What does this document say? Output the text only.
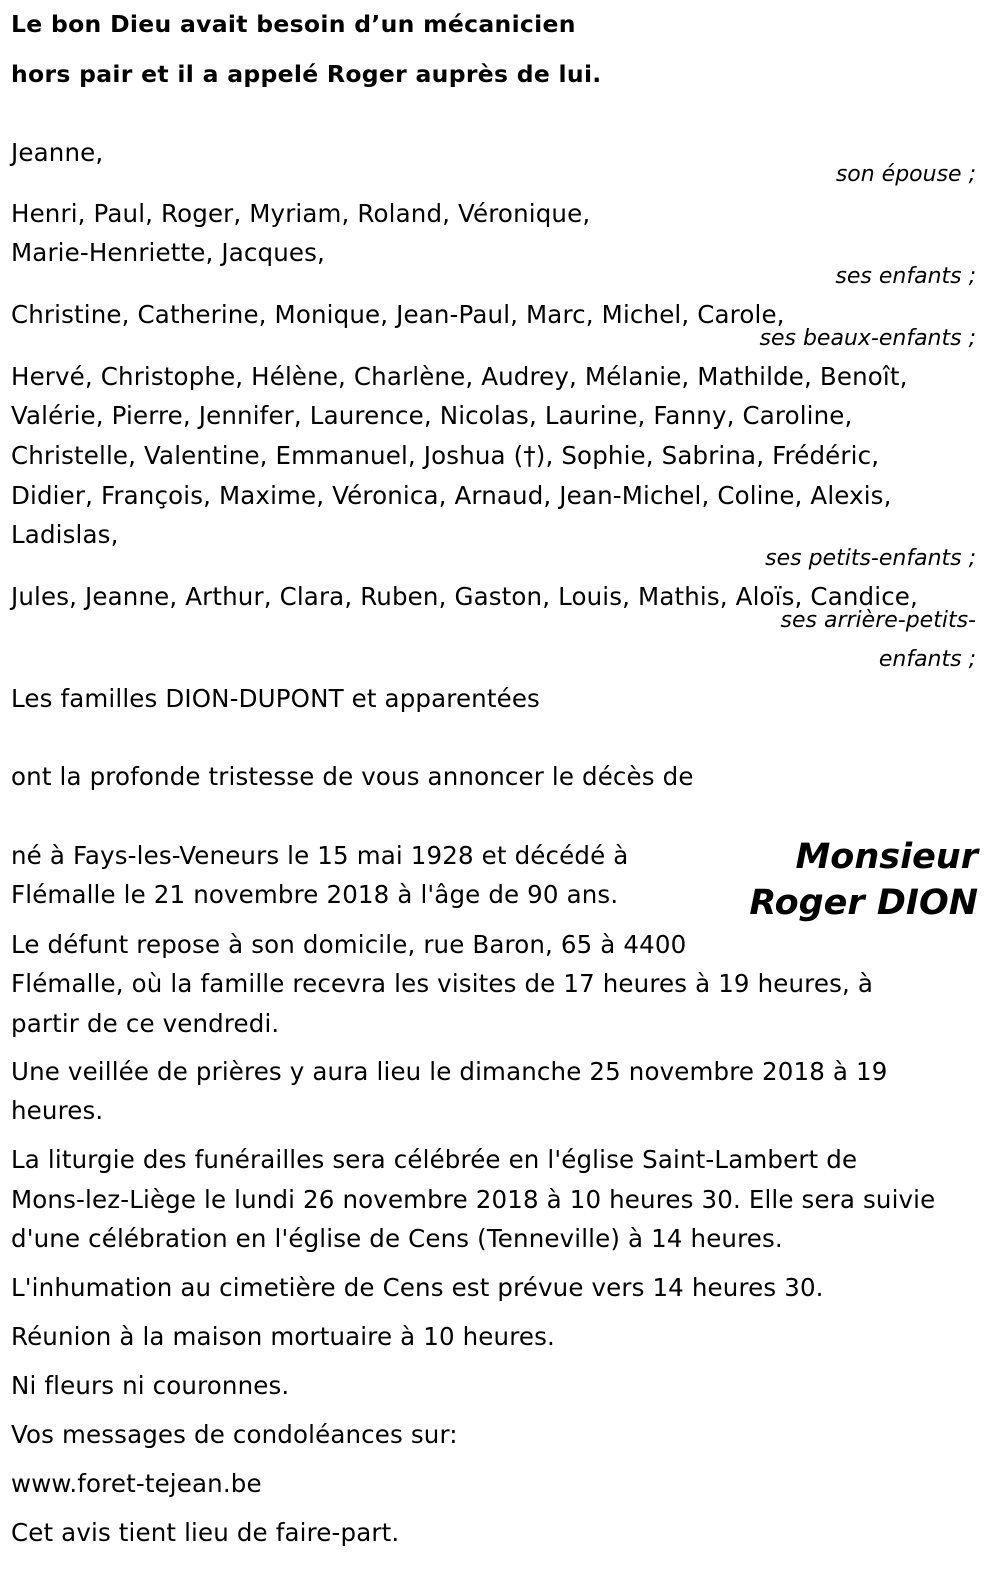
Le bon Dieu avait besoin d’un mécanicien
hors pair et il a appelé Roger auprès de lui.
Jeanne,
son épouse ;
Henri, Paul, Roger, Myriam, Roland, Véronique,
Marie-Henriette, Jacques,
ses enfants ;
Christine, Catherine, Monique, Jean-Paul, Marc, Michel, Carole,
ses beaux-enfants ;
Hervé, Christophe, Hélène, Charlène, Audrey, Mélanie, Mathilde, Benoît,
Valérie, Pierre, Jennifer, Laurence, Nicolas, Laurine, Fanny, Caroline,
Christelle, Valentine, Emmanuel, Joshua (†), Sophie, Sabrina, Frédéric,
Didier, François, Maxime, Véronica, Arnaud, Jean-Michel, Coline, Alexis,
Ladislas,
ses petits-enfants ;
Jules, Jeanne, Arthur, Clara, Ruben, Gaston, Louis, Mathis, Aloïs, Candice,
ses arrière-petits-
enfants ;
Les familles DION-DUPONT et apparentées
ont la profonde tristesse de vous annoncer le décès de
Monsieur
Roger DION
né à Fays-les-Veneurs le 15 mai 1928 et décédé à
Flémalle le 21 novembre 2018 à l'âge de 90 ans.
Le défunt repose à son domicile, rue Baron, 65 à 4400
Flémalle, où la famille recevra les visites de 17 heures à 19 heures, à
partir de ce vendredi.
Une veillée de prières y aura lieu le dimanche 25 novembre 2018 à 19
heures.
La liturgie des funérailles sera célébrée en l'église Saint-Lambert de
Mons-lez-Liège le lundi 26 novembre 2018 à 10 heures 30. Elle sera suivie
d'une célébration en l'église de Cens (Tenneville) à 14 heures.
L'inhumation au cimetière de Cens est prévue vers 14 heures 30.
Réunion à la maison mortuaire à 10 heures.
Ni fleurs ni couronnes.
Vos messages de condoléances sur:
www.foret-tejean.be
Cet avis tient lieu de faire-part.
